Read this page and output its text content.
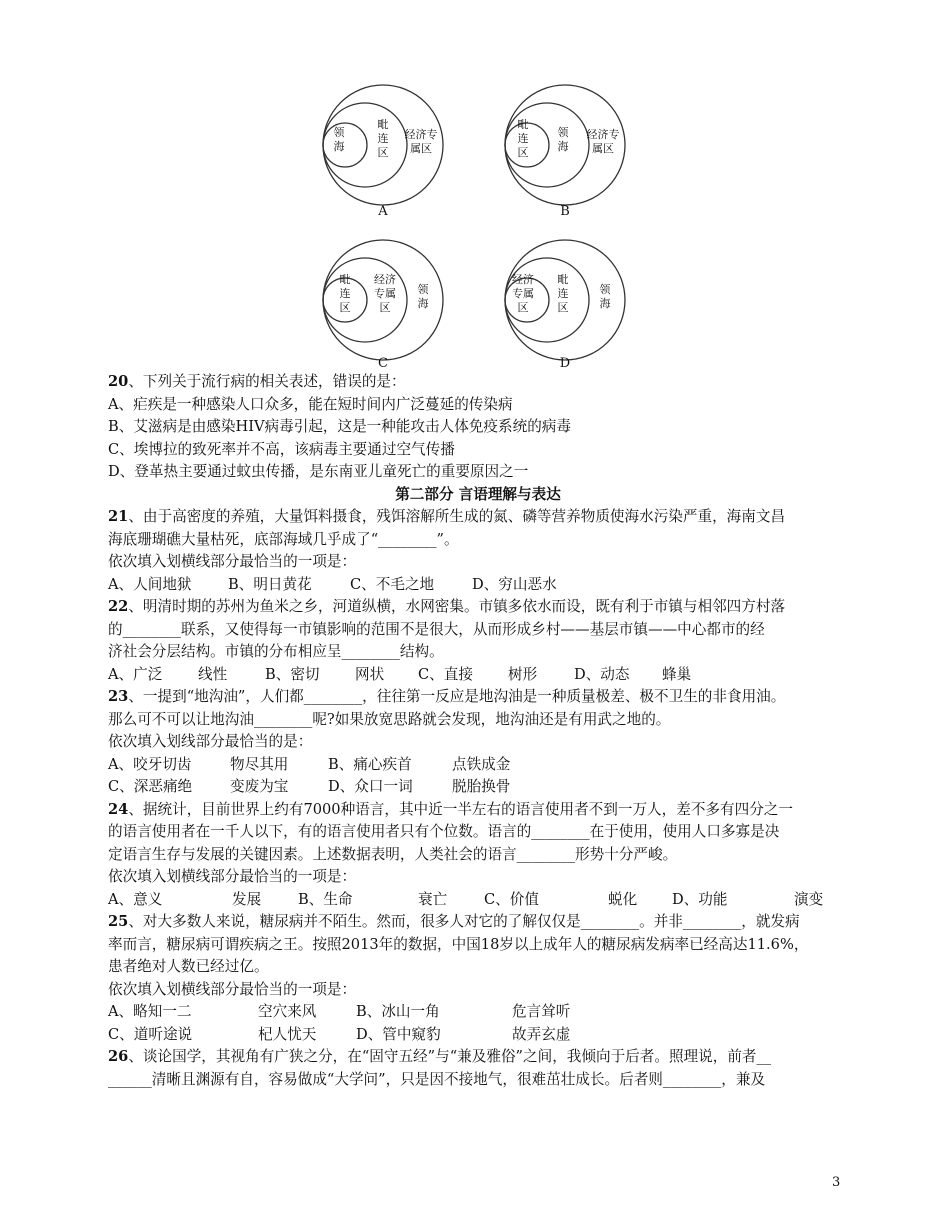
领
海
毗
连
区
经济专
属区
A
毗
连
区
领
海
经济专
属区
B
毗
连
区
经济
专属
区
领
海
C
经济
专属
区
毗
连
区
领
海
D
20、下列关于流行病的相关表述，错误的是：
A、疟疾是一种感染人口众多，能在短时间内广泛蔓延的传染病
B、艾滋病是由感染HIV病毒引起，这是一种能攻击人体免疫系统的病毒
C、埃博拉的致死率并不高，该病毒主要通过空气传播
D、登革热主要通过蚊虫传播，是东南亚儿童死亡的重要原因之一
第二部分 言语理解与表达
21、由于高密度的养殖，大量饵料摄食，残饵溶解所生成的氮、磷等营养物质使海水污染严重，海南文昌
海底珊瑚礁大量枯死，底部海域几乎成了“________”。
依次填入划横线部分最恰当的一项是：
A、人间地狱	B、明日黄花	C、不毛之地	D、穷山恶水
22、明清时期的苏州为鱼米之乡，河道纵横，水网密集。市镇多依水而设，既有利于市镇与相邻四方村落
的________联系，又使得每一市镇影响的范围不是很大，从而形成乡村——基层市镇——中心都市的经
济社会分层结构。市镇的分布相应呈________结构。
A、广泛	线性	B、密切	网状	C、直接	树形	D、动态	蜂巢
23、一提到“地沟油”，人们都________，往往第一反应是地沟油是一种质量极差、极不卫生的非食用油。
那么可不可以让地沟油________呢?如果放宽思路就会发现，地沟油还是有用武之地的。
依次填入划线部分最恰当的是：
A、咬牙切齿	物尽其用	B、痛心疾首	点铁成金
C、深恶痛绝	变废为宝	D、众口一词	脱胎换骨
24、据统计，目前世界上约有7000种语言，其中近一半左右的语言使用者不到一万人，差不多有四分之一
的语言使用者在一千人以下，有的语言使用者只有个位数。语言的________在于使用，使用人口多寡是决
定语言生存与发展的关键因素。上述数据表明，人类社会的语言________形势十分严峻。
依次填入划横线部分最恰当的一项是：
A、意义	发展	B、生命	衰亡	C、价值	蜕化	D、功能	演变
25、对大多数人来说，糖尿病并不陌生。然而，很多人对它的了解仅仅是________。并非________，就发病
率而言，糖尿病可谓疾病之王。按照2013年的数据，中国18岁以上成年人的糖尿病发病率已经高达11.6%，
患者绝对人数已经过亿。
依次填入划横线部分最恰当的一项是：
A、略知一二	空穴来风	B、冰山一角	危言耸听
C、道听途说	杞人忧天	D、管中窥豹	故弄玄虚
26、谈论国学，其视角有广狭之分，在“固守五经”与“兼及雅俗”之间，我倾向于后者。照理说，前者__
______清晰且渊源有自，容易做成“大学问”，只是因不接地气，很难茁壮成长。后者则________，兼及
3
